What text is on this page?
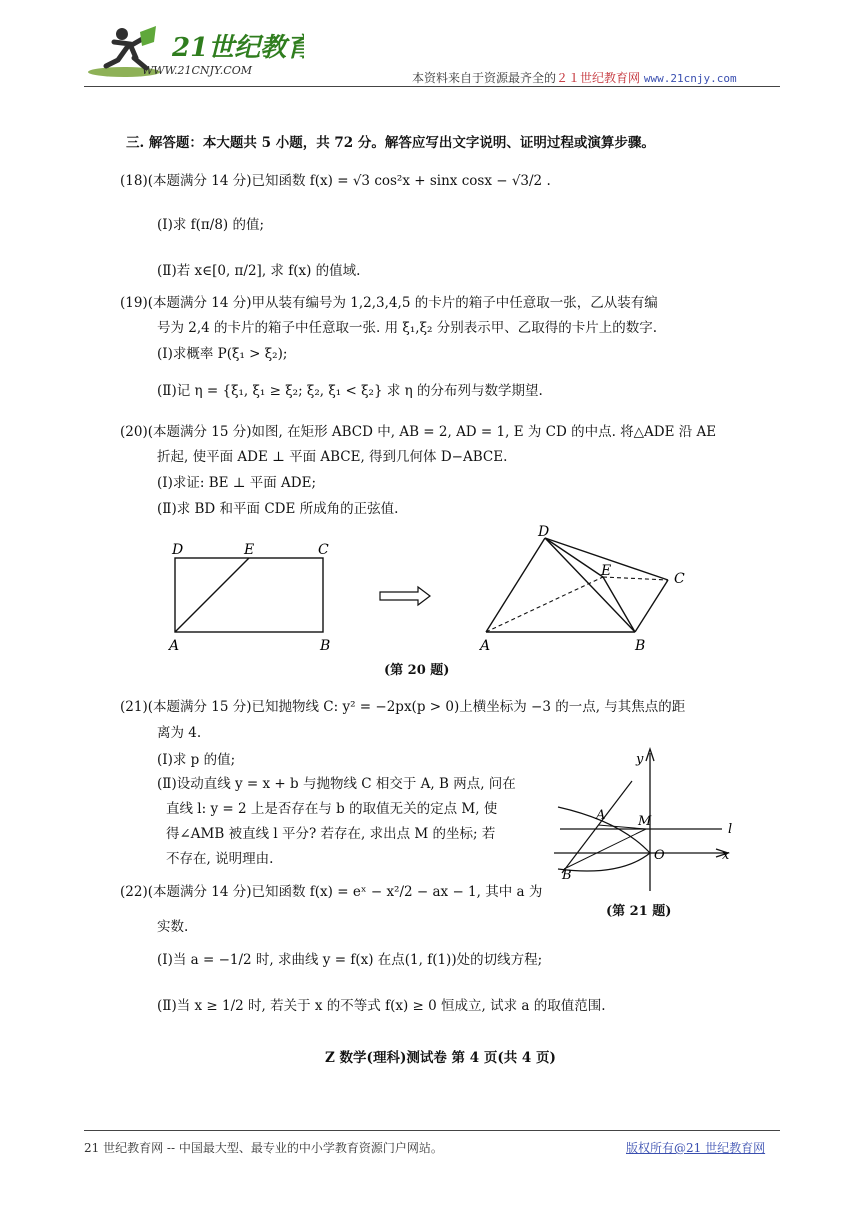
21世纪教育
WWW.21CNJY.COM
本资料来自于资源最齐全的２１世纪教育网 www.21cnjy.com
三. 解答题：本大题共 5 小题，共 72 分。解答应写出文字说明、证明过程或演算步骤。
(18)(本题满分 14 分)已知函数 f(x) = √3 cos²x + sinx cosx − √3/2 .
(Ⅰ)求 f(π/8) 的值;
(Ⅱ)若 x∈[0, π/2], 求 f(x) 的值域.
(19)(本题满分 14 分)甲从装有编号为 1,2,3,4,5 的卡片的箱子中任意取一张，乙从装有编
号为 2,4 的卡片的箱子中任意取一张. 用 ξ₁,ξ₂ 分别表示甲、乙取得的卡片上的数字.
(Ⅰ)求概率 P(ξ₁ > ξ₂);
(Ⅱ)记 η = {ξ₁, ξ₁ ≥ ξ₂; ξ₂, ξ₁ < ξ₂} 求 η 的分布列与数学期望.
(20)(本题满分 15 分)如图, 在矩形 ABCD 中, AB = 2, AD = 1, E 为 CD 的中点. 将△ADE 沿 AE
折起, 使平面 ADE ⊥ 平面 ABCE, 得到几何体 D−ABCE.
(Ⅰ)求证: BE ⊥ 平面 ADE;
(Ⅱ)求 BD 和平面 CDE 所成角的正弦值.
D	E	C
A	B
D
E	C
A	B
(第 20 题)
(21)(本题满分 15 分)已知抛物线 C: y² = −2px(p > 0)上横坐标为 −3 的一点, 与其焦点的距
离为 4.
(Ⅰ)求 p 的值;
(Ⅱ)设动直线 y = x + b 与抛物线 C 相交于 A, B 两点, 问在
直线 l: y = 2 上是否存在与 b 的取值无关的定点 M, 使
得∠AMB 被直线 l 平分? 若存在, 求出点 M 的坐标; 若
不存在, 说明理由.
y
A	M
l
O	x
B
(第 21 题)
(22)(本题满分 14 分)已知函数 f(x) = eˣ − x²/2 − ax − 1, 其中 a 为
实数.
(Ⅰ)当 a = −1/2 时, 求曲线 y = f(x) 在点(1, f(1))处的切线方程;
(Ⅱ)当 x ≥ 1/2 时, 若关于 x 的不等式 f(x) ≥ 0 恒成立, 试求 a 的取值范围.
Z 数学(理科)测试卷 第 4 页(共 4 页)
21 世纪教育网 -- 中国最大型、最专业的中小学教育资源门户网站。	版权所有@21 世纪教育网
